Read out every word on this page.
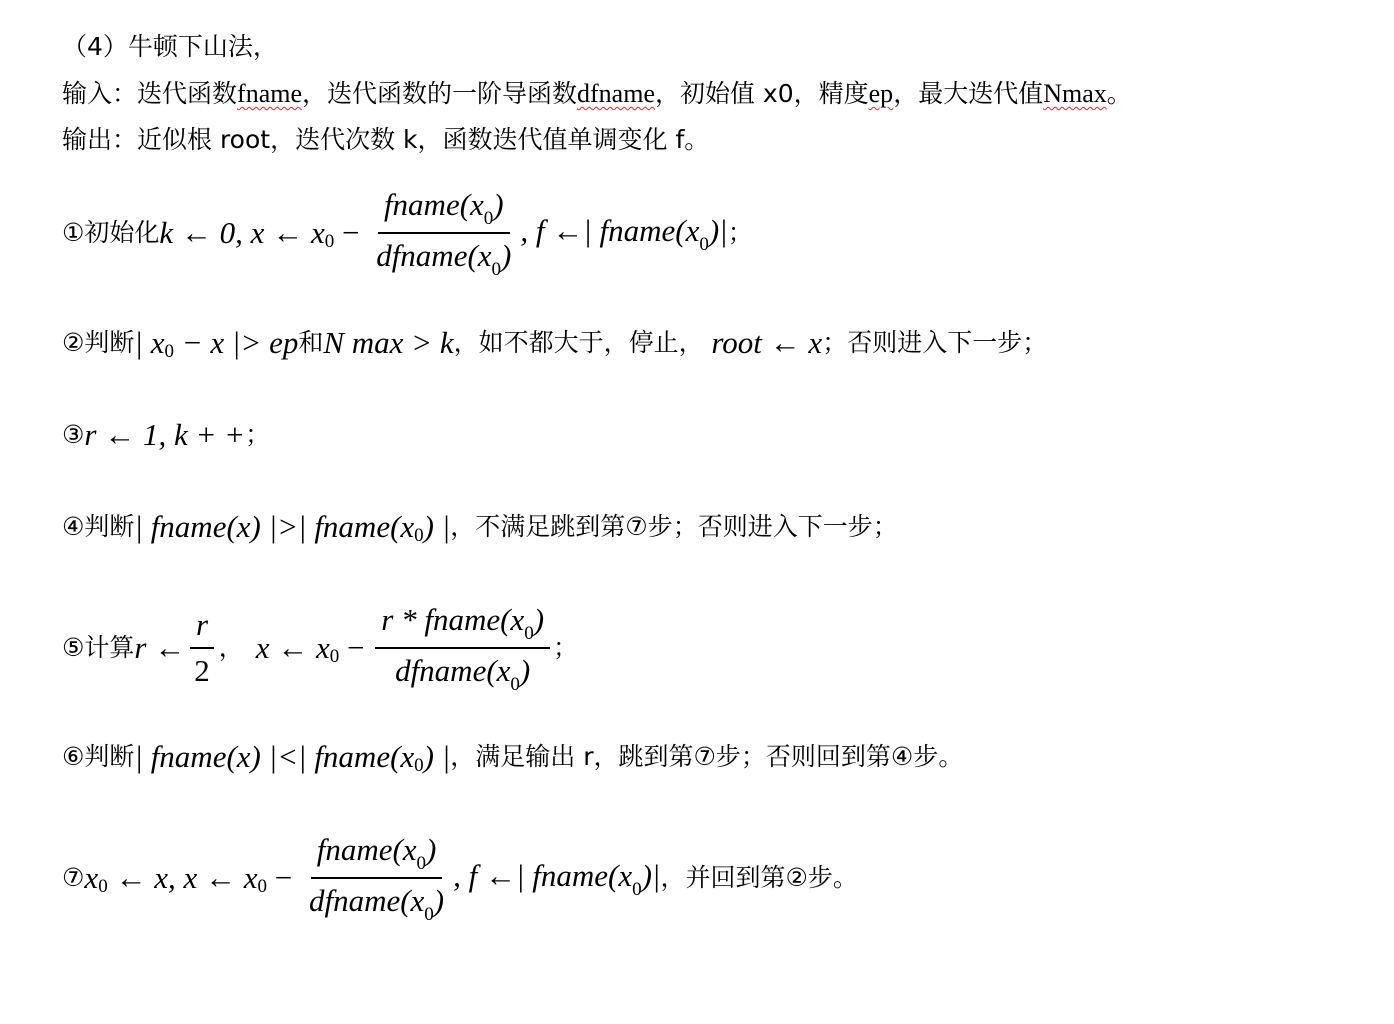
（4）牛顿下山法，
输入： 迭代函数 fname ，迭代函数的一阶导函数 dfname ，初始值 x0，精度 ep ，最大迭代值 Nmax 。
输出：近似根 root，迭代次数 k，函数迭代值单调变化 f。
①初始化 k ← 0, x ← x $0 - \frac{fname(x_0)}{dfname(x_0)}$ , f ←| $fname(x_0)|$ ；
②判断 | x 0 − x |> ep 和 N max > k ，如不都大于，停止， root ← x ；否则进入下一步；
③ r ← 1, k + + ；
④判断 | fname(x) |>| fname(x 0 ) | ，不满足跳到第⑦步；否则进入下一步；
⑤计算 r ← $\frac{r}{2}$ ， x ← x $0 - \frac{r * fname(x_0)}{dfname(x_0)}$ ；
⑥判断 | fname(x) |<| fname(x 0 ) | ，满足输出 r，跳到第⑦步；否则回到第④步。
⑦ x 0 ← x, x ← x $0 - \frac{fname(x_0)}{dfname(x_0)}$ , f ←| $fname(x_0)|$ ，并回到第②步。
